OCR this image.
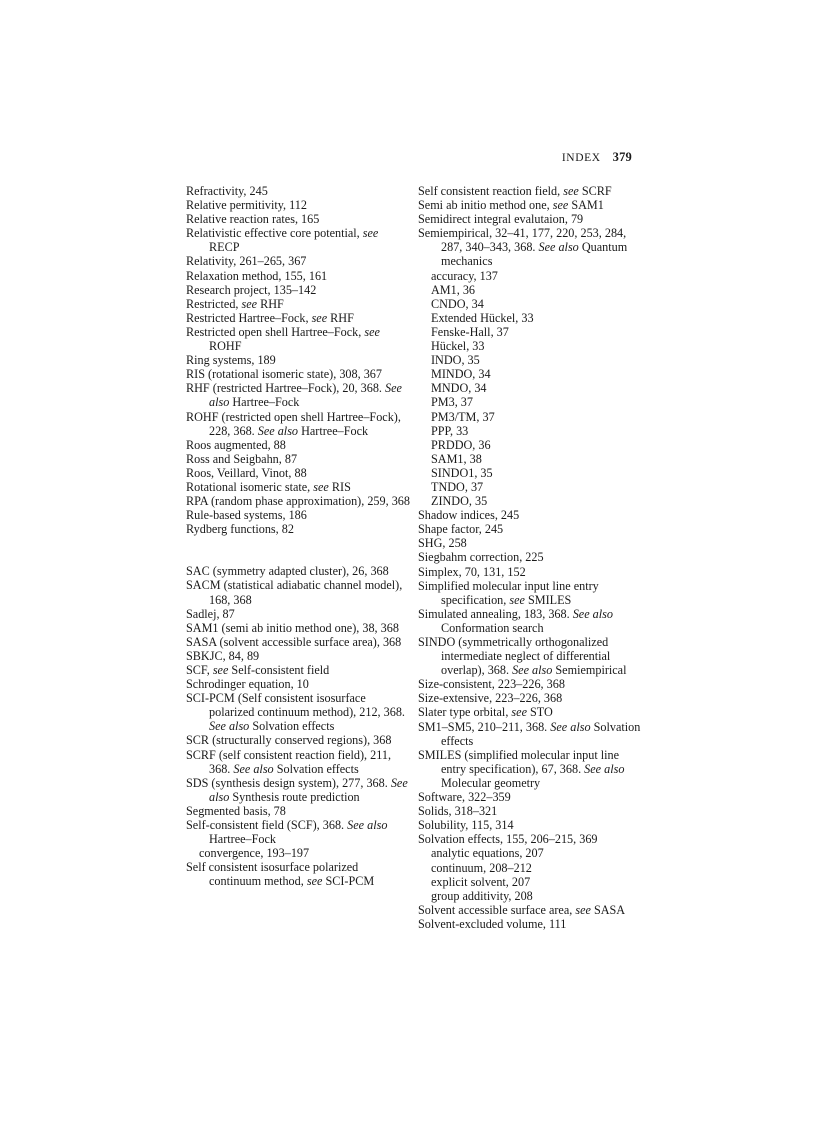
INDEX 379
Refractivity, 245
Relative permitivity, 112
Relative reaction rates, 165
Relativistic effective core potential, see RECP
Relativity, 261–265, 367
Relaxation method, 155, 161
Research project, 135–142
Restricted, see RHF
Restricted Hartree–Fock, see RHF
Restricted open shell Hartree–Fock, see ROHF
Ring systems, 189
RIS (rotational isomeric state), 308, 367
RHF (restricted Hartree–Fock), 20, 368. See also Hartree–Fock
ROHF (restricted open shell Hartree–Fock), 228, 368. See also Hartree–Fock
Roos augmented, 88
Ross and Seigbahn, 87
Roos, Veillard, Vinot, 88
Rotational isomeric state, see RIS
RPA (random phase approximation), 259, 368
Rule-based systems, 186
Rydberg functions, 82
SAC (symmetry adapted cluster), 26, 368
SACM (statistical adiabatic channel model), 168, 368
Sadlej, 87
SAM1 (semi ab initio method one), 38, 368
SASA (solvent accessible surface area), 368
SBKJC, 84, 89
SCF, see Self-consistent field
Schrodinger equation, 10
SCI-PCM (Self consistent isosurface polarized continuum method), 212, 368. See also Solvation effects
SCR (structurally conserved regions), 368
SCRF (self consistent reaction field), 211, 368. See also Solvation effects
SDS (synthesis design system), 277, 368. See also Synthesis route prediction
Segmented basis, 78
Self-consistent field (SCF), 368. See also Hartree–Fock
convergence, 193–197
Self consistent isosurface polarized continuum method, see SCI-PCM
Self consistent reaction field, see SCRF
Semi ab initio method one, see SAM1
Semidirect integral evalutaion, 79
Semiempirical, 32–41, 177, 220, 253, 284, 287, 340–343, 368. See also Quantum mechanics
accuracy, 137
AM1, 36
CNDO, 34
Extended Hückel, 33
Fenske-Hall, 37
Hückel, 33
INDO, 35
MINDO, 34
MNDO, 34
PM3, 37
PM3/TM, 37
PPP, 33
PRDDO, 36
SAM1, 38
SINDO1, 35
TNDO, 37
ZINDO, 35
Shadow indices, 245
Shape factor, 245
SHG, 258
Siegbahm correction, 225
Simplex, 70, 131, 152
Simplified molecular input line entry specification, see SMILES
Simulated annealing, 183, 368. See also Conformation search
SINDO (symmetrically orthogonalized intermediate neglect of differential overlap), 368. See also Semiempirical
Size-consistent, 223–226, 368
Size-extensive, 223–226, 368
Slater type orbital, see STO
SM1–SM5, 210–211, 368. See also Solvation effects
SMILES (simplified molecular input line entry specification), 67, 368. See also Molecular geometry
Software, 322–359
Solids, 318–321
Solubility, 115, 314
Solvation effects, 155, 206–215, 369
analytic equations, 207
continuum, 208–212
explicit solvent, 207
group additivity, 208
Solvent accessible surface area, see SASA
Solvent-excluded volume, 111
